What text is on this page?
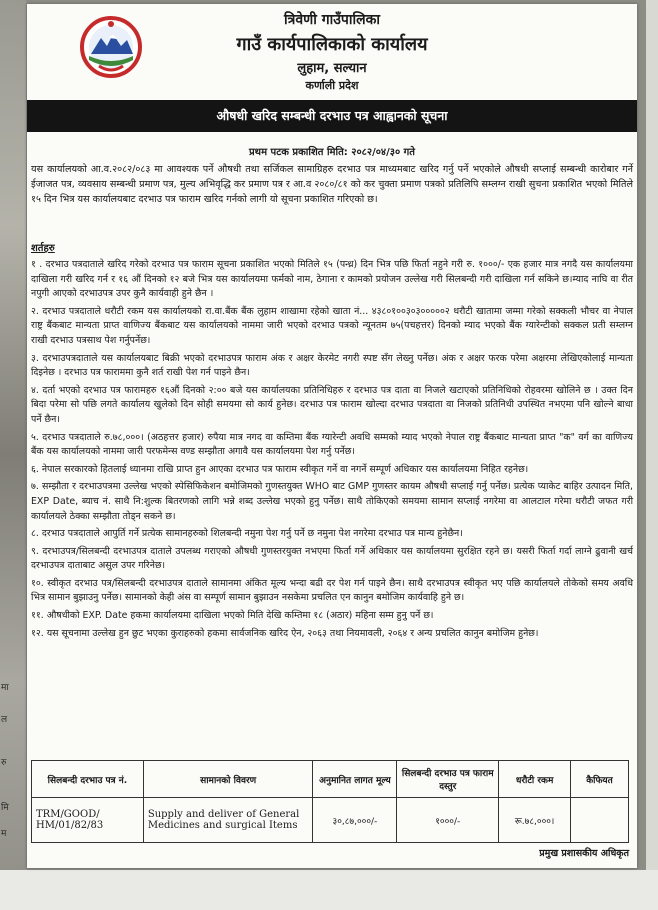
मा
ल
रु
मि
म
त्रिवेणी गाउँपालिका
गाउँ कार्यपालिकाको कार्यालय
लुहाम, सल्यान
कर्णाली प्रदेश
औषधी खरिद सम्बन्धी दरभाउ पत्र आह्वानको सूचना
प्रथम पटक प्रकाशित मिति: २०८२/०४/३० गते
यस कार्यालयको आ.व.२०८२/०८३ मा आवश्यक पर्ने औषधी तथा सर्जिकल सामाग्रिहरु दरभाउ पत्र माध्यमबाट खरिद गर्नु पर्ने भएकोले औषधी सप्लाई सम्बन्धी कारोबार गर्ने ईजाजत पत्र, व्यवसाय सम्बन्धी प्रमाण पत्र, मुल्य अभिवृद्धि कर प्रमाण पत्र र आ.व २०८०/८१ को कर चुक्ता प्रमाण पत्रको प्रतिलिपि सम्लग्न राखी सुचना प्रकाशित भएको मितिले १५ दिन भित्र यस कार्यालयबाट दरभाउ पत्र फाराम खरिद गर्नको लागी यो सूचना प्रकाशित गरिएको छ।
शर्तहरु

१ . दरभाउ पत्रदाताले खरिद गरेको दरभाउ पत्र फाराम सूचना प्रकाशित भएको मितिले १५ (पन्ध्र) दिन भित्र पछि फिर्ता नहुने गरी रु. १०००/- एक हजार मात्र नगदै यस कार्यालयमा दाखिला गरी खरिद गर्न र १६ औं दिनको १२ बजे भित्र यस कार्यालयमा फर्मको नाम, ठेगाना र कामको प्रयोजन उल्लेख गरी सिलबन्दी गरी दाखिला गर्न सकिने छ।म्याद नाघि वा रीत नपुगी आएको दरभाउपत्र उपर कुनै कार्यवाही हुने छैन ।

२. दरभाउ पत्रदाताले धरौटी रकम यस कार्यालयको रा.वा.बैंक बैंक लुहाम शाखामा रहेको खाता नं... ४३८०१००३०३०००००२ धरौटी खातामा जम्मा गरेको सक्कली भौचर वा नेपाल राष्ट्र बैंकबाट मान्यता प्राप्त वाणिज्य बैंकबाट यस कार्यालयको नाममा जारी भएको दरभाउ पत्रको न्यूनतम ७५(पचहत्तर) दिनको म्याद भएको बैंक ग्यारेन्टीको सक्कल प्रती सम्लग्न राखी दरभाउ पत्रसाथ पेश गर्नुपर्नेछ।

३. दरभाउपत्रदाताले यस कार्यालयबाट बिक्री भएको दरभाउपत्र फाराम अंक र अक्षर केरमेट नगरी स्पष्ट सँग लेख्नु पर्नेछ। अंक र अक्षर फरक परेमा अक्षरमा लेखिएकोलाई मान्यता दिइनेछ । दरभाउ पत्र फाराममा कुनै शर्त राखी पेश गर्न पाइने छैन।

४. दर्ता भएको दरभाउ पत्र फारामहरु १६औं दिनको २:०० बजे यस कार्यालयका प्रतिनिधिहरु र दरभाउ पत्र दाता वा निजले खटाएको प्रतिनिधिको रोहवरमा खोलिने छ । उक्त दिन बिदा परेमा सो पछि लगते कार्यालय खुलेको दिन सोही समयमा सो कार्य हुनेछ। दरभाउ पत्र फाराम खोल्दा दरभाउ पत्रदाता वा निजको प्रतिनिधी उपस्थित नभएमा पनि खोल्ने बाधा पर्ने छैन।

५. दरभाउ पत्रदाताले रु.७८,०००। (अठहत्तर हजार) रुपैया मात्र नगद वा कम्तिमा बैंक ग्यारेन्टी अवधि सम्मको म्याद भएको नेपाल राष्ट्र बैंकबाट मान्यता प्राप्त "क" वर्ग का वाणिज्य बैंक यस कार्यालयको नाममा जारी परफमेन्स वण्ड सम्झौता अगावै यस कार्यालयमा पेश गर्नु पर्नेछ।

६. नेपाल सरकारको हितलाई ध्यानमा राखि प्राप्त हुन आएका दरभाउ पत्र फाराम स्वीकृत गर्ने वा नगर्ने सम्पूर्ण अधिकार यस कार्यालयमा निहित रहनेछ।

७. सम्झौता र दरभाउपत्रमा उल्लेख भएको स्पेसिफिकेशन बमोजिमको गुणस्तयुक्त WHO बाट GMP गुणस्तर कायम औषधी सप्लाई गर्नु पर्नेछ। प्रत्येक प्याकेट बाहिर उत्पादन मिति, EXP Date, ब्याच नं. साथै नि:शुल्क बितरणको लागि भन्ने शब्द उल्लेख भएको हुनु पर्नेछ। साथै तोकिएको समयमा सामान सप्लाई नगरेमा वा आलटाल गरेमा धरौटी जफत गरी कार्यालयले ठेक्का सम्झौता तोड्न सकने छ।

८. दरभाउ पत्रदाताले आपुर्ति गर्ने प्रत्येक सामानहरुको शिलबन्दी नमुना पेश गर्नु पर्ने छ नमुना पेश नगरेमा दरभाउ पत्र मान्य हुनेछैन।

९. दरभाउपत्र/सिलबन्दी दरभाउपत्र दाताले उपलब्ध गराएको औषधी गुणस्तरयुक्त नभएमा फिर्ता गर्ने अधिकार यस कार्यालयमा सुरक्षित रहने छ। यसरी फिर्ता गर्दा लाग्ने ढुवानी खर्च दरभाउपत्र दाताबाट असुल उपर गरिनेछ।

१०. स्वीकृत दरभाउ पत्र/सिलबन्दी दरभाउपत्र दाताले सामानमा अंकित मूल्य भन्दा बढी दर पेश गर्न पाइने छैन। साथै दरभाउपत्र स्वीकृत भए पछि कार्यालयले तोकेको समय अवधि भित्र सामान बुझाउनु पर्नेछ। सामानको केही अंस वा सम्पूर्ण सामान बुझाउन नसकेमा प्रचलित एन कानुन बमोजिम कार्यवाहि हुने छ।

११. औषधीको EXP. Date हकमा कार्यालयमा दाखिला भएको मिति देखि कम्तिमा १८ (अठार) महिना सम्म हुनु पर्ने छ।

१२. यस सूचनामा उल्लेख हुन छुट भएका कुराहरुको हकमा सार्वजनिक खरिद ऐन, २०६३ तथा नियमावली, २०६४ र अन्य प्रचलित कानुन बमोजिम हुनेछ।

सिलबन्दी दरभाउ पत्र नं.	सामानको विवरण	अनुमानित लागत मूल्य	सिलबन्दी दरभाउ पत्र फाराम दस्तुर	धरौटी रकम	कैफियत
TRM/GOOD/ HM/01/82/83	Supply and deliver of General Medicines and surgical Items	३०,८७,०००/-	१०००/-	रू.७८,०००।	
प्रमुख प्रशासकीय अधिकृत
